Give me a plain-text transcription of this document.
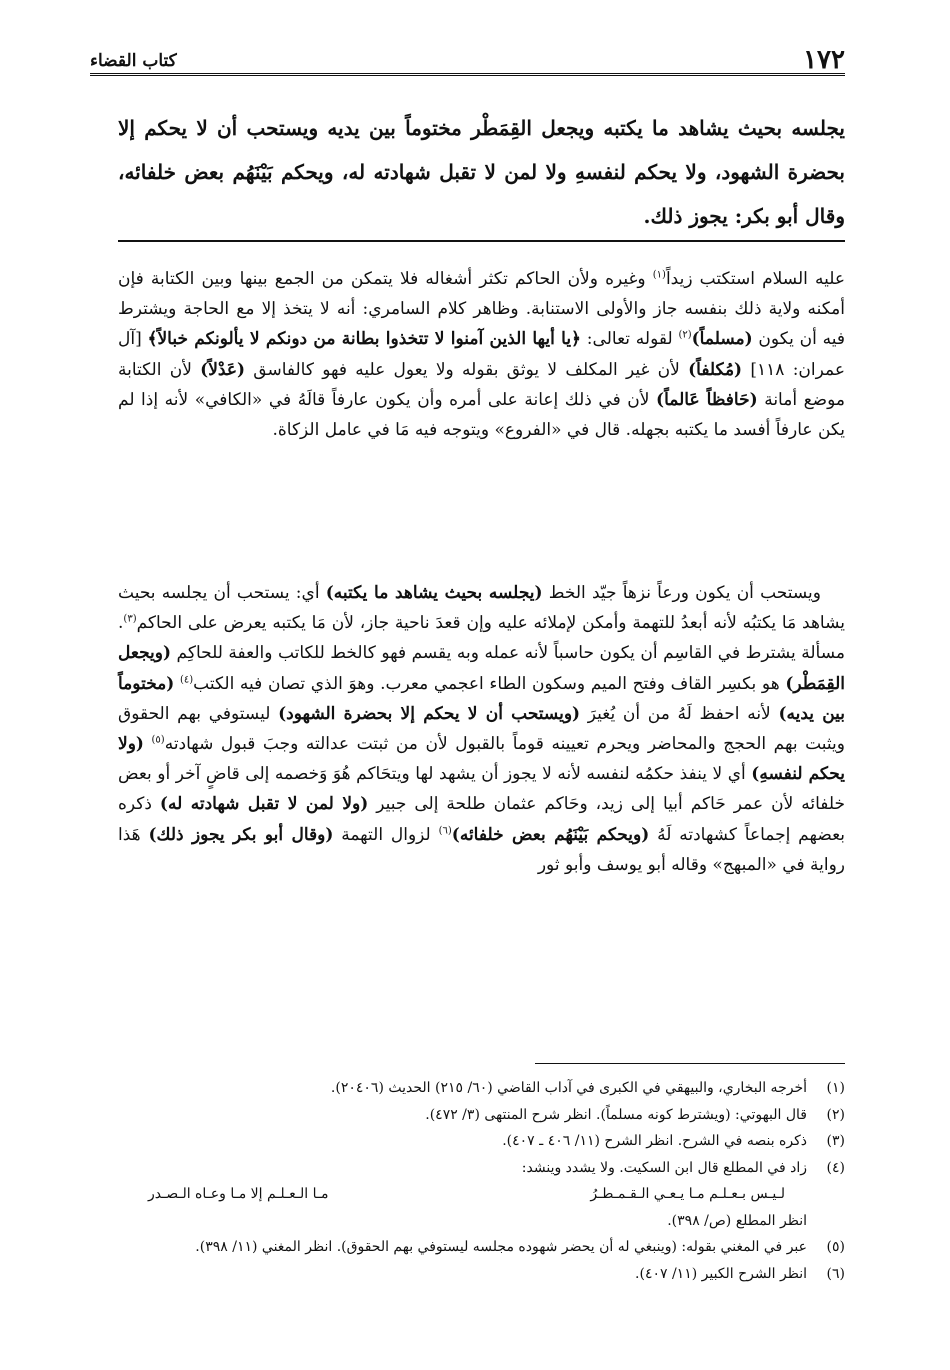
١٧٢
كتاب القضاء
يجلسه بحيث يشاهد ما يكتبه ويجعل القِمَطْر مختوماً بين يديه ويستحب أن لا يحكم إلا بحضرة الشهود، ولا يحكم لنفسهِ ولا لمن لا تقبل شهادته له، ويحكم بَيْنَهُم بعض خلفائه، وقال أبو بكر: يجوز ذلك.

عليه السلام استكتب زيداً$^{(١)}$ وغيره ولأن الحاكم تكثر أشغاله فلا يتمكن من الجمع بينها وبين الكتابة فإن أمكنه ولاية ذلك بنفسه جاز والأولى الاستنابة. وظاهر كلام السامري: أنه لا يتخذ إلا مع الحاجة ويشترط فيه أن يكون (مسلماً)$^{(٢)}$ لقوله تعالى: ﴿يا أيها الذين آمنوا لا تتخذوا بطانة من دونكم لا يألونكم خبالاً﴾ [آل عمران: ١١٨] (مُكلفاً) لأن غير المكلف لا يوثق بقوله ولا يعول عليه فهو كالفاسق (عَدْلاً) لأن الكتابة موضع أمانة (حَافظاً عَالماً) لأن في ذلك إعانة على أمره وأن يكون عارفاً قالَهُ في «الكافي» لأنه إذا لم يكن عارفاً أفسد ما يكتبه بجهله. قال في «الفروع» ويتوجه فيه مَا في عامل الزكاة.

ويستحب أن يكون ورعاً نزهاً جيّد الخط (يجلسه بحيث يشاهد ما يكتبه) أي: يستحب أن يجلسه بحيث يشاهد مَا يكتبُه لأنه أبعدُ للتهمة وأمكن لإملائه عليه وإن قعدَ ناحية جاز، لأن مَا يكتبه يعرض على الحاكم$^{(٣)}$. مسألة يشترط في القاسِم أن يكون حاسباً لأنه عمله وبه يقسم فهو كالخط للكاتب والعفة للحاكِم (ويجعل القِمَطْر) هو بكسِر القاف وفتح الميم وسكون الطاء اعجمي معرب. وهوَ الذي تصان فيه الكتب$^{(٤)}$ (مختوماً بين يديه) لأنه احفظ لَهُ من أن يُغيرَ (ويستحب أن لا يحكم إلا بحضرة الشهود) ليستوفي بهم الحقوق ويثبت بهم الحجج والمحاضر ويحرم تعيينه قوماً بالقبول لأن من ثبتت عدالته وجبَ قبول شهادته$^{(٥)}$ (ولا يحكم لنفسهِ) أي لا ينفذ حكمُه لنفسه لأنه لا يجوز أن يشهد لها ويتحَاكم هُوَ وَخصمه إلى قاضٍ آخر أو بعض خلفائه لأن عمر حَاكم أبيا إلى زيد، وحَاكم عثمان طلحة إلى جبير (ولا لمن لا تقبل شهادته له) ذكره بعضهم إجماعاً كشهادته لَهُ (ويحكم بَيْنَهُم بعض خلفائه)$^{(٦)}$ لزوال التهمة (وقال أبو بكر يجوز ذلك) هَذا رواية في «المبهج» وقاله أبو يوسف وأبو ثور

(١)
أخرجه البخاري، والبيهقي في الكبرى في آداب القاضي (٦٠/ ٢١٥) الحديث (٢٠٤٠٦).
(٢)
قال البهوتي: (ويشترط كونه مسلماً). انظر شرح المنتهى (٣/ ٤٧٢).
(٣)
ذكره بنصه في الشرح. انظر الشرح (١١/ ٤٠٦ ـ ٤٠٧).
(٤)
زاد في المطلع قال ابن السكيت. ولا يشدد وينشد:
لـيـس بـعـلـم مـا يـعـي الـقـمـطـرُ
مـا الـعـلـم إلا مـا وعـاه الـصـدر
انظر المطلع (ص/ ٣٩٨).
(٥)
عبر في المغني بقوله: (وينبغي له أن يحضر شهوده مجلسه ليستوفي بهم الحقوق). انظر المغني (١١/ ٣٩٨).
(٦)
انظر الشرح الكبير (١١/ ٤٠٧).
